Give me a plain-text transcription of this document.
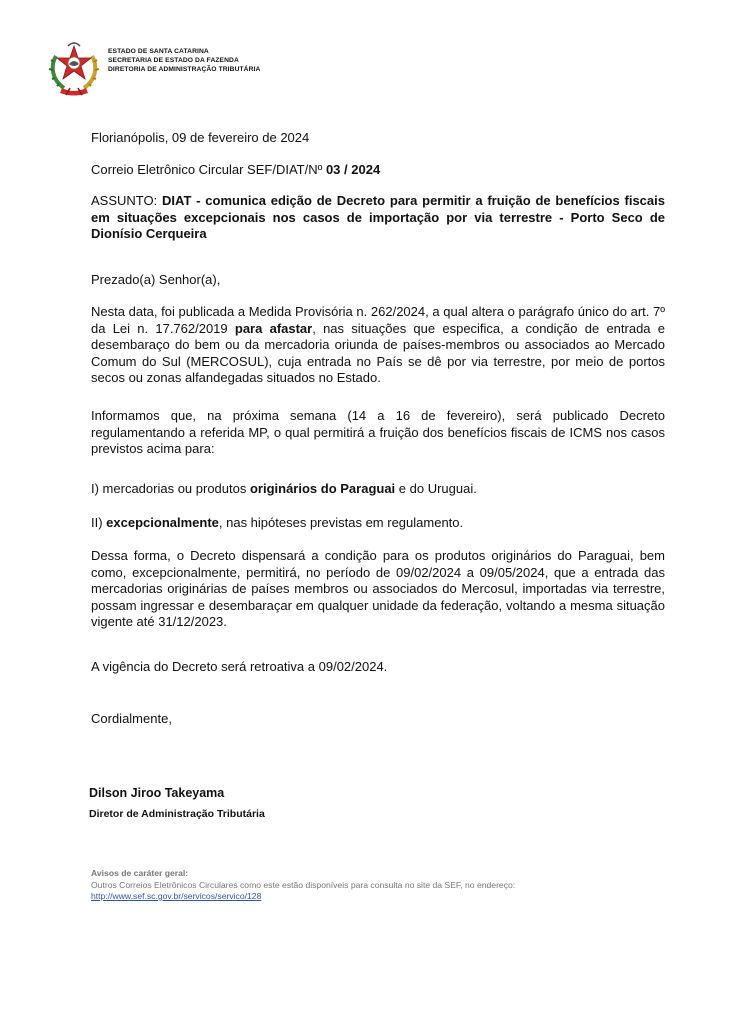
ESTADO DE SANTA CATARINA
SECRETARIA DE ESTADO DA FAZENDA
DIRETORIA DE ADMINISTRAÇÃO TRIBUTÁRIA
Florianópolis, 09 de fevereiro de 2024
Correio Eletrônico Circular SEF/DIAT/Nº 03 / 2024
ASSUNTO: DIAT - comunica edição de Decreto para permitir a fruição de benefícios fiscais em situações excepcionais nos casos de importação por via terrestre - Porto Seco de Dionísio Cerqueira
Prezado(a) Senhor(a),
Nesta data, foi publicada a Medida Provisória n. 262/2024, a qual altera o parágrafo único do art. 7º da Lei n. 17.762/2019 para afastar, nas situações que especifica, a condição de entrada e desembaraço do bem ou da mercadoria oriunda de países-membros ou associados ao Mercado Comum do Sul (MERCOSUL), cuja entrada no País se dê por via terrestre, por meio de portos secos ou zonas alfandegadas situados no Estado.
Informamos que, na próxima semana (14 a 16 de fevereiro), será publicado Decreto regulamentando a referida MP, o qual permitirá a fruição dos benefícios fiscais de ICMS nos casos previstos acima para:
I) mercadorias ou produtos originários do Paraguai e do Uruguai.
II) excepcionalmente, nas hipóteses previstas em regulamento.
Dessa forma, o Decreto dispensará a condição para os produtos originários do Paraguai, bem como, excepcionalmente, permitirá, no período de 09/02/2024 a 09/05/2024, que a entrada das mercadorias originárias de países membros ou associados do Mercosul, importadas via terrestre, possam ingressar e desembaraçar em qualquer unidade da federação, voltando a mesma situação vigente até 31/12/2023.
A vigência do Decreto será retroativa a 09/02/2024.
Cordialmente,
Dilson Jiroo Takeyama
Diretor de Administração Tributária
Avisos de caráter geral:
Outros Correios Eletrônicos Circulares como este estão disponíveis para consulta no site da SEF, no endereço:
http://www.sef.sc.gov.br/servicos/servico/128
